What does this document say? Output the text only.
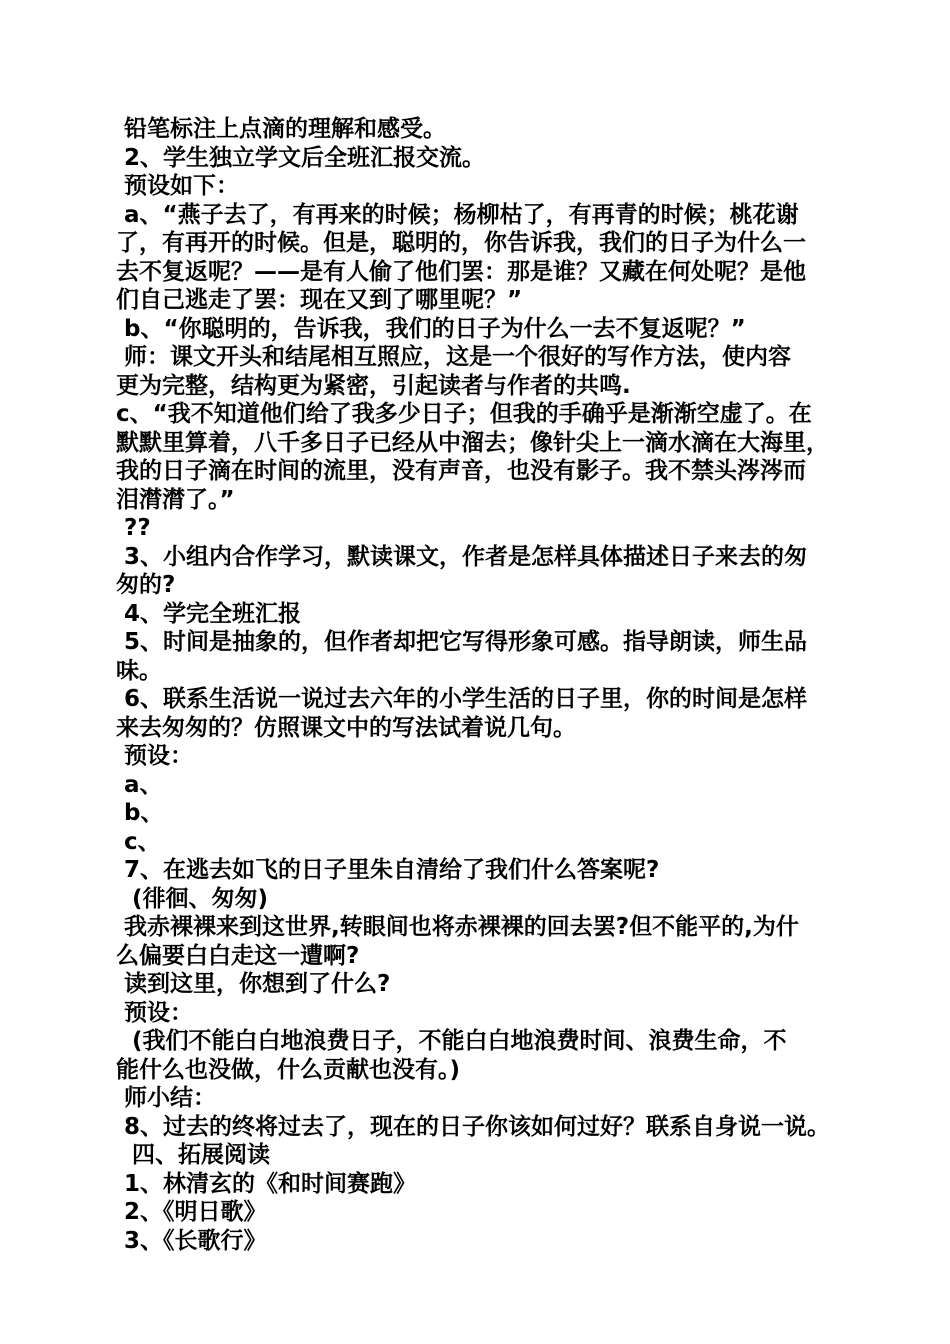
铅笔标注上点滴的理解和感受。
2、学生独立学文后全班汇报交流。
预设如下：
a、“燕子去了，有再来的时候；杨柳枯了，有再青的时候；桃花谢
了，有再开的时候。但是，聪明的，你告诉我，我们的日子为什么一
去不复返呢？——是有人偷了他们罢：那是谁？又藏在何处呢？是他
们自己逃走了罢：现在又到了哪里呢？”
b、“你聪明的，告诉我，我们的日子为什么一去不复返呢？”
师：课文开头和结尾相互照应，这是一个很好的写作方法，使内容
更为完整，结构更为紧密，引起读者与作者的共鸣.
c、“我不知道他们给了我多少日子；但我的手确乎是渐渐空虚了。在
默默里算着，八千多日子已经从中溜去；像针尖上一滴水滴在大海里，
我的日子滴在时间的流里，没有声音，也没有影子。我不禁头涔涔而
泪潸潸了。”
??
3、小组内合作学习，默读课文，作者是怎样具体描述日子来去的匆
匆的?
4、学完全班汇报
5、时间是抽象的，但作者却把它写得形象可感。指导朗读，师生品
味。
6、联系生活说一说过去六年的小学生活的日子里，你的时间是怎样
来去匆匆的？仿照课文中的写法试着说几句。
预设：
a、
b、
c、
7、在逃去如飞的日子里朱自清给了我们什么答案呢?
(徘徊、匆匆)
我赤裸裸来到这世界,转眼间也将赤裸裸的回去罢?但不能平的,为什
么偏要白白走这一遭啊?
读到这里，你想到了什么?
预设：
(我们不能白白地浪费日子，不能白白地浪费时间、浪费生命，不
能什么也没做，什么贡献也没有。)
师小结：
8、过去的终将过去了，现在的日子你该如何过好？联系自身说一说。
四、拓展阅读
1、林清玄的《和时间赛跑》
2、《明日歌》
3、《长歌行》
